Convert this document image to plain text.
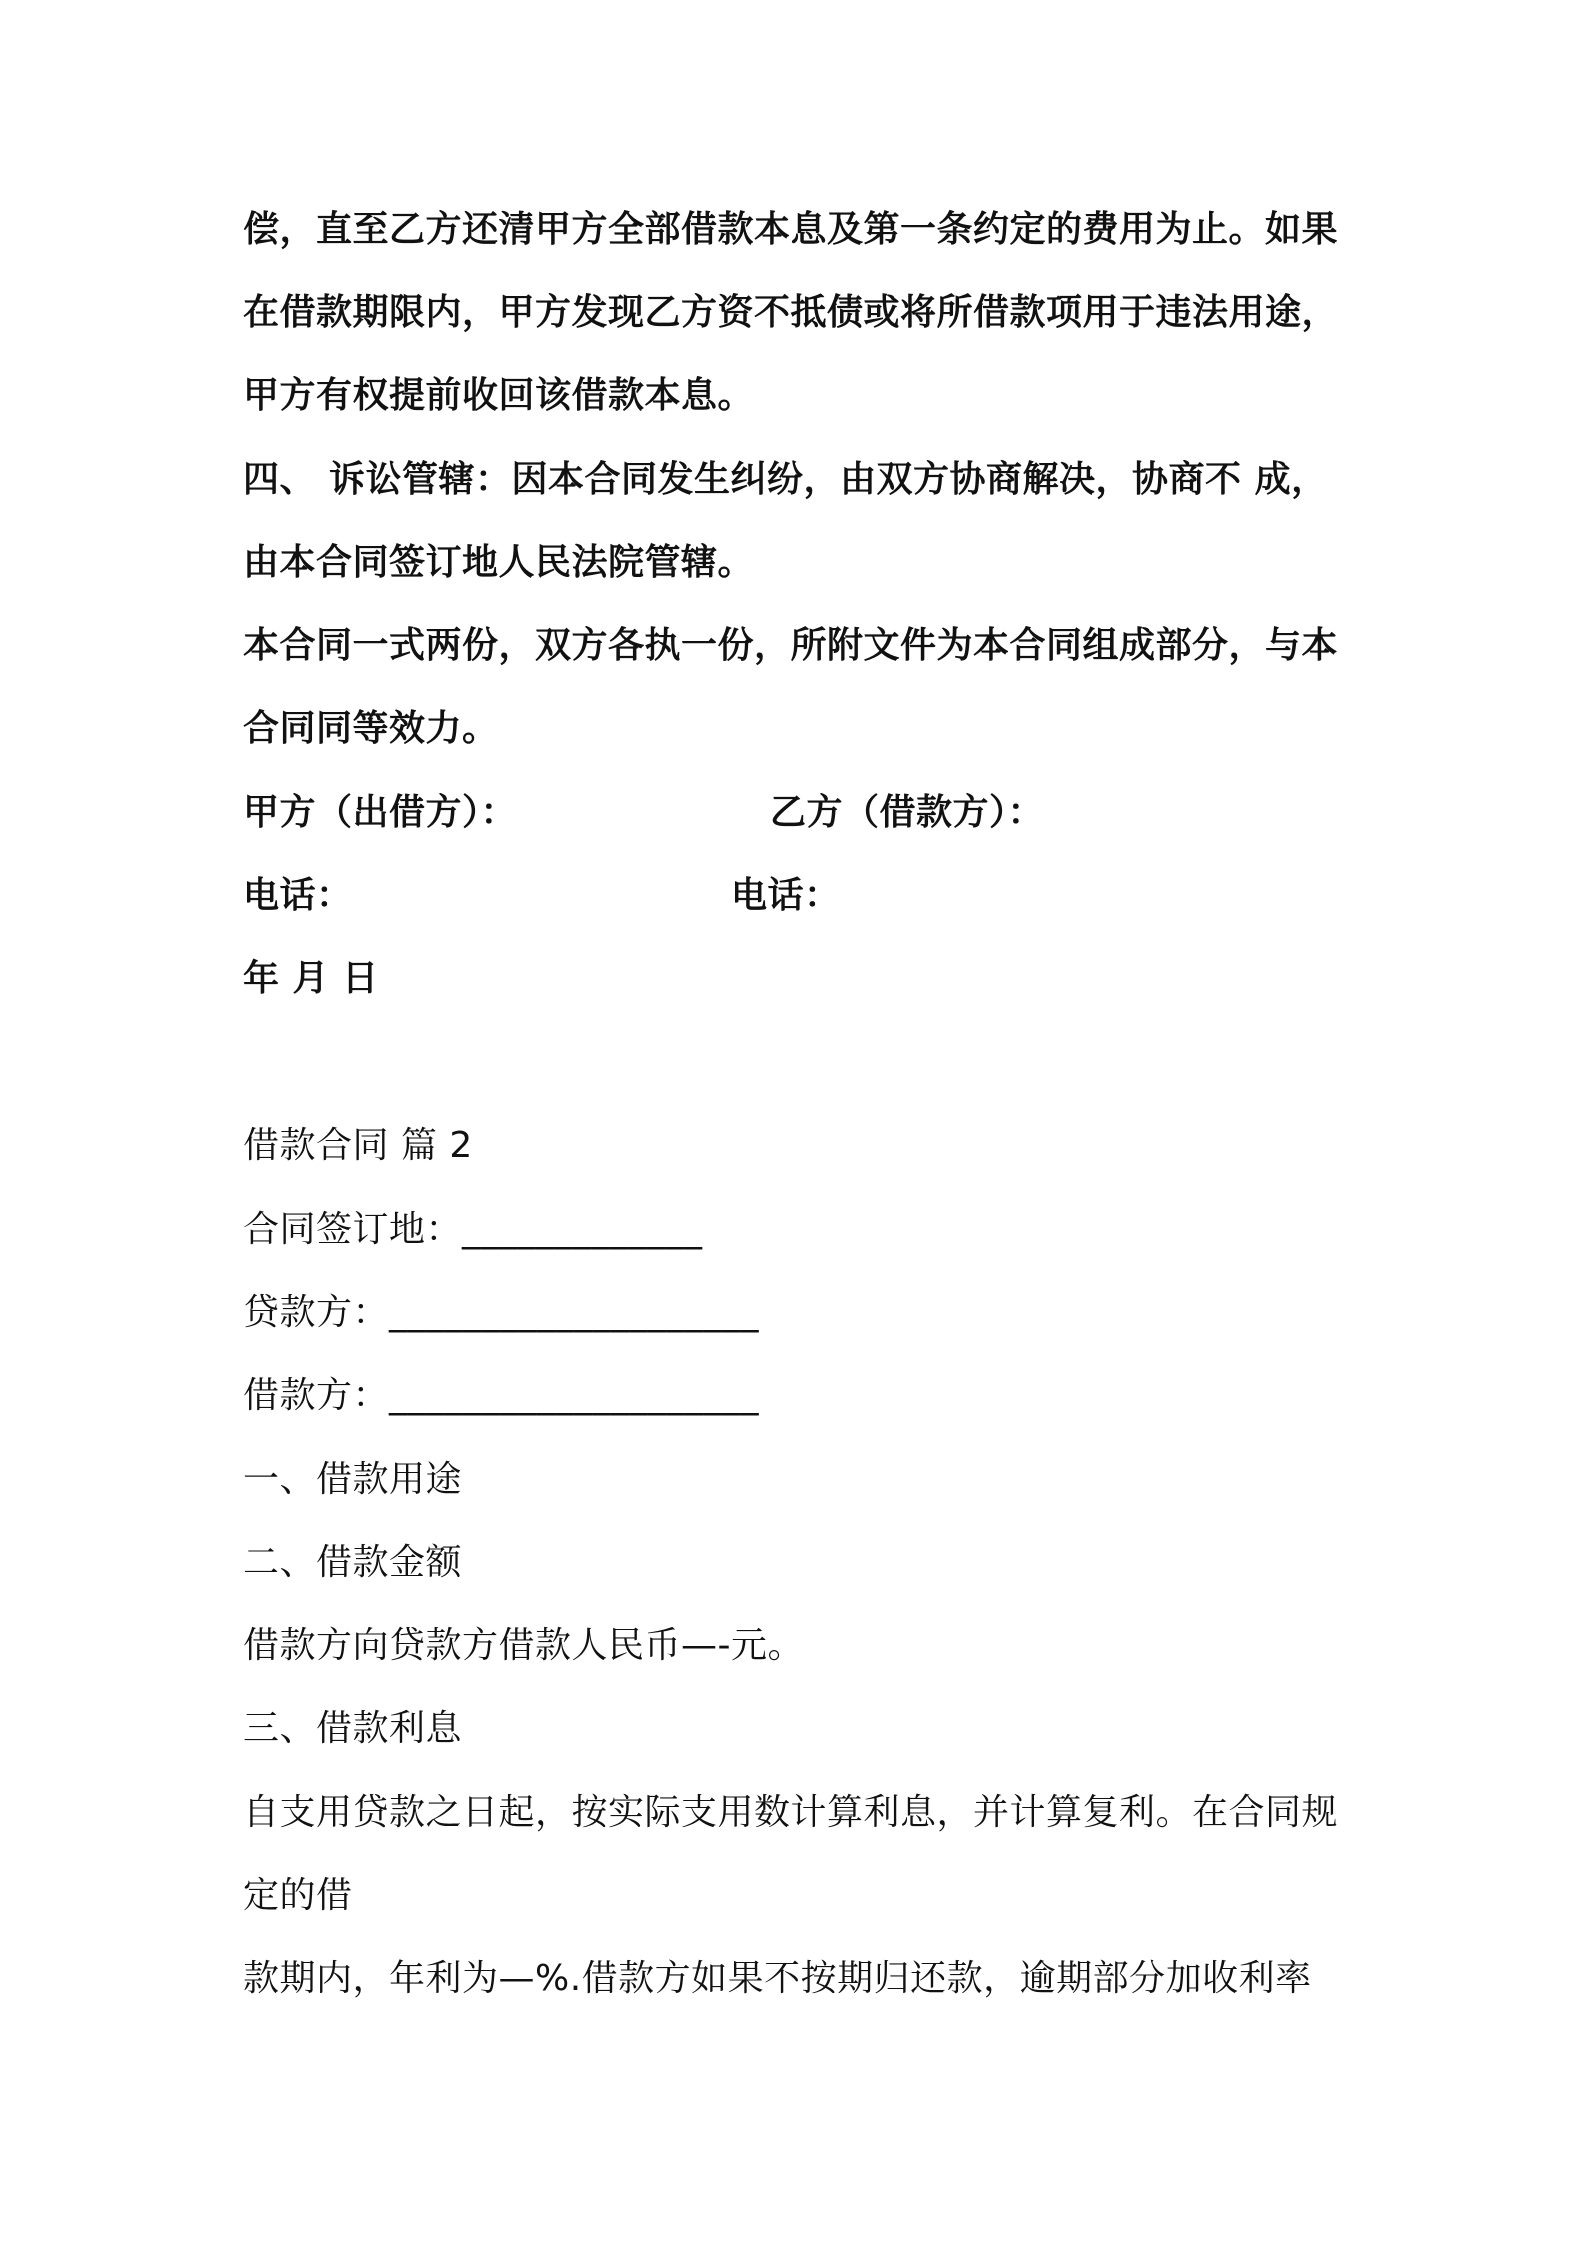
偿，直至乙方还清甲方全部借款本息及第一条约定的费用为止。如果
在借款期限内，甲方发现乙方资不抵债或将所借款项用于违法用途，
甲方有权提前收回该借款本息。
四、 诉讼管辖：因本合同发生纠纷，由双方协商解决，协商不 成，
由本合同签订地人民法院管辖。
本合同一式两份，双方各执一份，所附文件为本合同组成部分，与本
合同同等效力。
甲方（出借方）：	乙方（借款方）：
电话：	电话：
年 月 日
借款合同 篇 2
合同签订地：_____________
贷款方：____________________
借款方：____________________
一、借款用途
二、借款金额
借款方向贷款方借款人民币—-元。
三、借款利息
自支用贷款之日起，按实际支用数计算利息，并计算复利。在合同规
定的借
款期内，年利为—%.借款方如果不按期归还款，逾期部分加收利率
